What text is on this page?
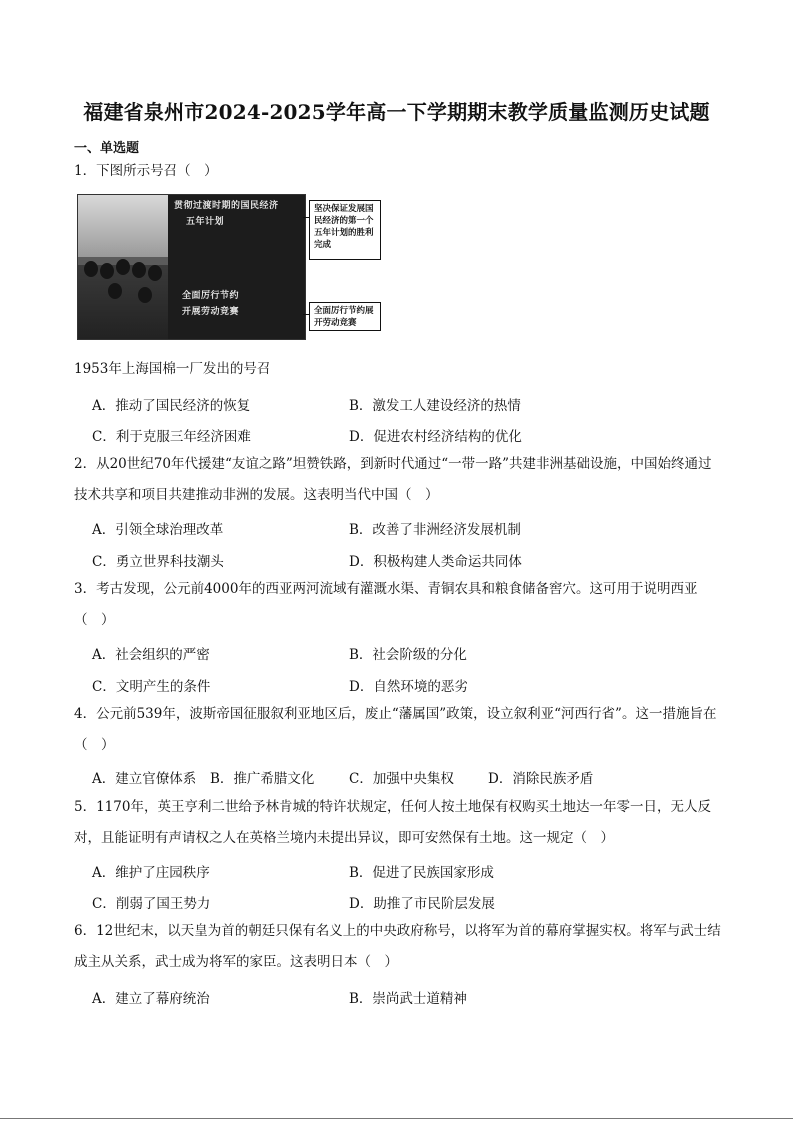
福建省泉州市2024-2025学年高一下学期期末教学质量监测历史试题
一、单选题
1．下图所示号召（　）
贯彻过渡时期的国民经济
五年计划
全面厉行节约
开展劳动竞赛
坚决保证发展国民经济的第一个五年计划的胜利完成
全面厉行节约展开劳动竞赛
1953年上海国棉一厂发出的号召
A．推动了国民经济的恢复	B．激发工人建设经济的热情
C．利于克服三年经济困难	D．促进农村经济结构的优化
2．从20世纪70年代援建“友谊之路”坦赞铁路，到新时代通过“一带一路”共建非洲基础设施，中国始终通过技术共享和项目共建推动非洲的发展。这表明当代中国（　）
A．引领全球治理改革	B．改善了非洲经济发展机制
C．勇立世界科技潮头	D．积极构建人类命运共同体
3．考古发现，公元前4000年的西亚两河流域有灌溉水渠、青铜农具和粮食储备窖穴。这可用于说明西亚（　）
A．社会组织的严密	B．社会阶级的分化
C．文明产生的条件	D．自然环境的恶劣
4．公元前539年，波斯帝国征服叙利亚地区后，废止“藩属国”政策，设立叙利亚“河西行省”。这一措施旨在（　）
A．建立官僚体系 B．推广希腊文化	C．加强中央集权	D．消除民族矛盾
5．1170年，英王亨利二世给予林肯城的特许状规定，任何人按土地保有权购买土地达一年零一日，无人反对，且能证明有声请权之人在英格兰境内未提出异议，即可安然保有土地。这一规定（　）
A．维护了庄园秩序	B．促进了民族国家形成
C．削弱了国王势力	D．助推了市民阶层发展
6．12世纪末，以天皇为首的朝廷只保有名义上的中央政府称号，以将军为首的幕府掌握实权。将军与武士结成主从关系，武士成为将军的家臣。这表明日本（　）
A．建立了幕府统治	B．崇尚武士道精神
